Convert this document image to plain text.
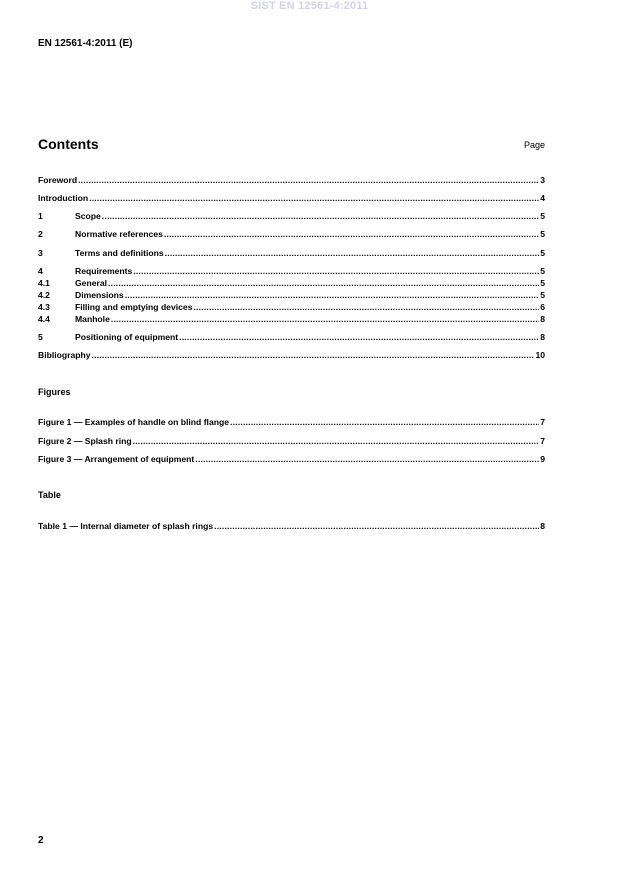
SIST EN 12561-4:2011
EN 12561-4:2011 (E)
Contents	Page
Foreword .....	3
Introduction .....	4
1	Scope .....	5
2	Normative references .....	5
3	Terms and definitions .....	5
4	Requirements .....	5
4.1	General .....	5
4.2	Dimensions .....	5
4.3	Filling and emptying devices .....	6
4.4	Manhole .....	8
5	Positioning of equipment .....	8
Bibliography .....	10
Figure 1 — Examples of handle on blind flange .....	7
Figure 2 — Splash ring .....	7
Figure 3 — Arrangement of equipment .....	9
Table 1 — Internal diameter of splash rings .....	8
Figures
Table
2
